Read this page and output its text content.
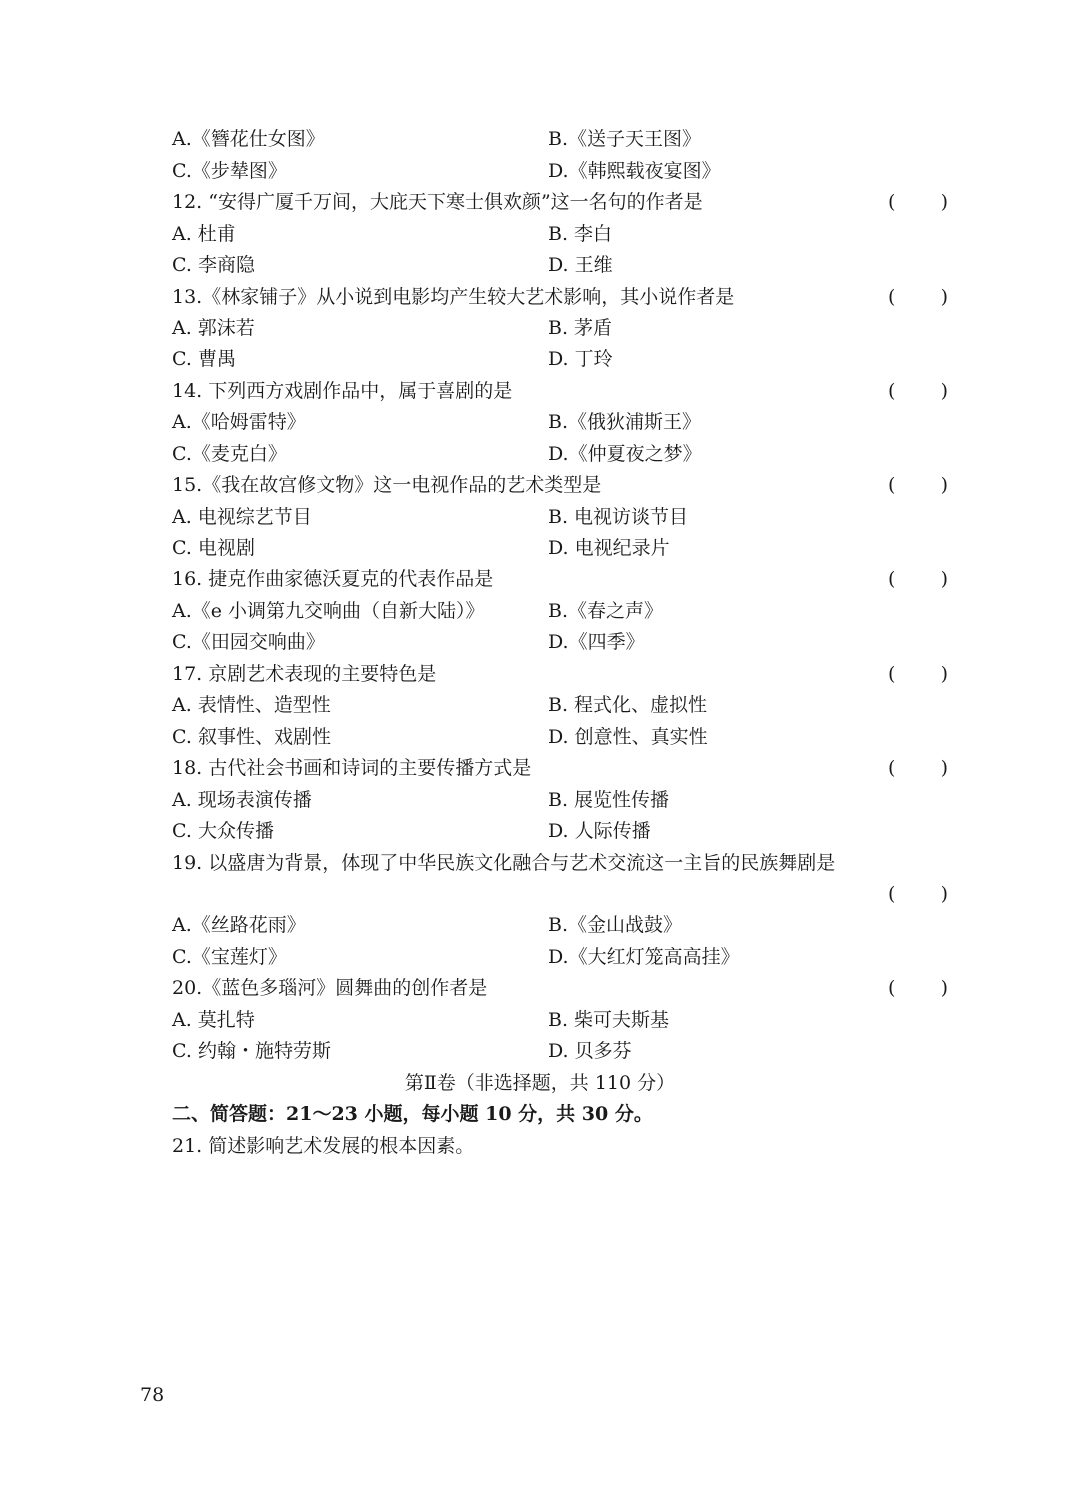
A.《簪花仕女图》	B.《送子天王图》
C.《步辇图》	D.《韩熙载夜宴图》
12. “安得广厦千万间，大庇天下寒士俱欢颜”这一名句的作者是	( )
A. 杜甫	B. 李白
C. 李商隐	D. 王维
13.《林家铺子》从小说到电影均产生较大艺术影响，其小说作者是	( )
A. 郭沫若	B. 茅盾
C. 曹禺	D. 丁玲
14. 下列西方戏剧作品中，属于喜剧的是	( )
A.《哈姆雷特》	B.《俄狄浦斯王》
C.《麦克白》	D.《仲夏夜之梦》
15.《我在故宫修文物》这一电视作品的艺术类型是	( )
A. 电视综艺节目	B. 电视访谈节目
C. 电视剧	D. 电视纪录片
16. 捷克作曲家德沃夏克的代表作品是	( )
A.《e 小调第九交响曲（自新大陆）》	B.《春之声》
C.《田园交响曲》	D.《四季》
17. 京剧艺术表现的主要特色是	( )
A. 表情性、造型性	B. 程式化、虚拟性
C. 叙事性、戏剧性	D. 创意性、真实性
18. 古代社会书画和诗词的主要传播方式是	( )
A. 现场表演传播	B. 展览性传播
C. 大众传播	D. 人际传播
19. 以盛唐为背景，体现了中华民族文化融合与艺术交流这一主旨的民族舞剧是
( )
A.《丝路花雨》	B.《金山战鼓》
C.《宝莲灯》	D.《大红灯笼高高挂》
20.《蓝色多瑙河》圆舞曲的创作者是	( )
A. 莫扎特	B. 柴可夫斯基
C. 约翰・施特劳斯	D. 贝多芬
第Ⅱ卷（非选择题，共 110 分）
二、简答题：21～23 小题，每小题 10 分，共 30 分。
21. 简述影响艺术发展的根本因素。
78
